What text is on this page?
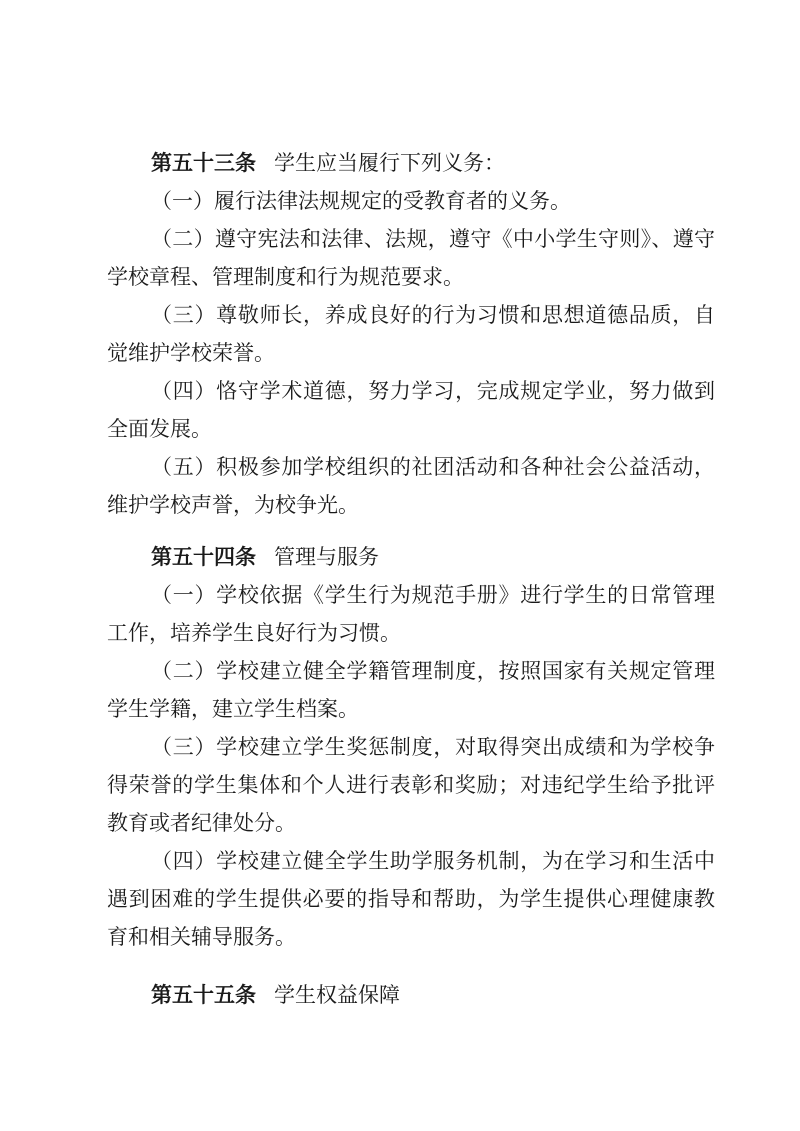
第五十三条 学生应当履行下列义务：
（一）履行法律法规规定的受教育者的义务。
（二）遵守宪法和法律、法规，遵守《中小学生守则》、遵守
学校章程、管理制度和行为规范要求。
（三）尊敬师长，养成良好的行为习惯和思想道德品质，自
觉维护学校荣誉。
（四）恪守学术道德，努力学习，完成规定学业，努力做到
全面发展。
（五）积极参加学校组织的社团活动和各种社会公益活动，
维护学校声誉，为校争光。
第五十四条 管理与服务
（一）学校依据《学生行为规范手册》进行学生的日常管理
工作，培养学生良好行为习惯。
（二）学校建立健全学籍管理制度，按照国家有关规定管理
学生学籍，建立学生档案。
（三）学校建立学生奖惩制度，对取得突出成绩和为学校争
得荣誉的学生集体和个人进行表彰和奖励；对违纪学生给予批评
教育或者纪律处分。
（四）学校建立健全学生助学服务机制，为在学习和生活中
遇到困难的学生提供必要的指导和帮助，为学生提供心理健康教
育和相关辅导服务。
第五十五条 学生权益保障
